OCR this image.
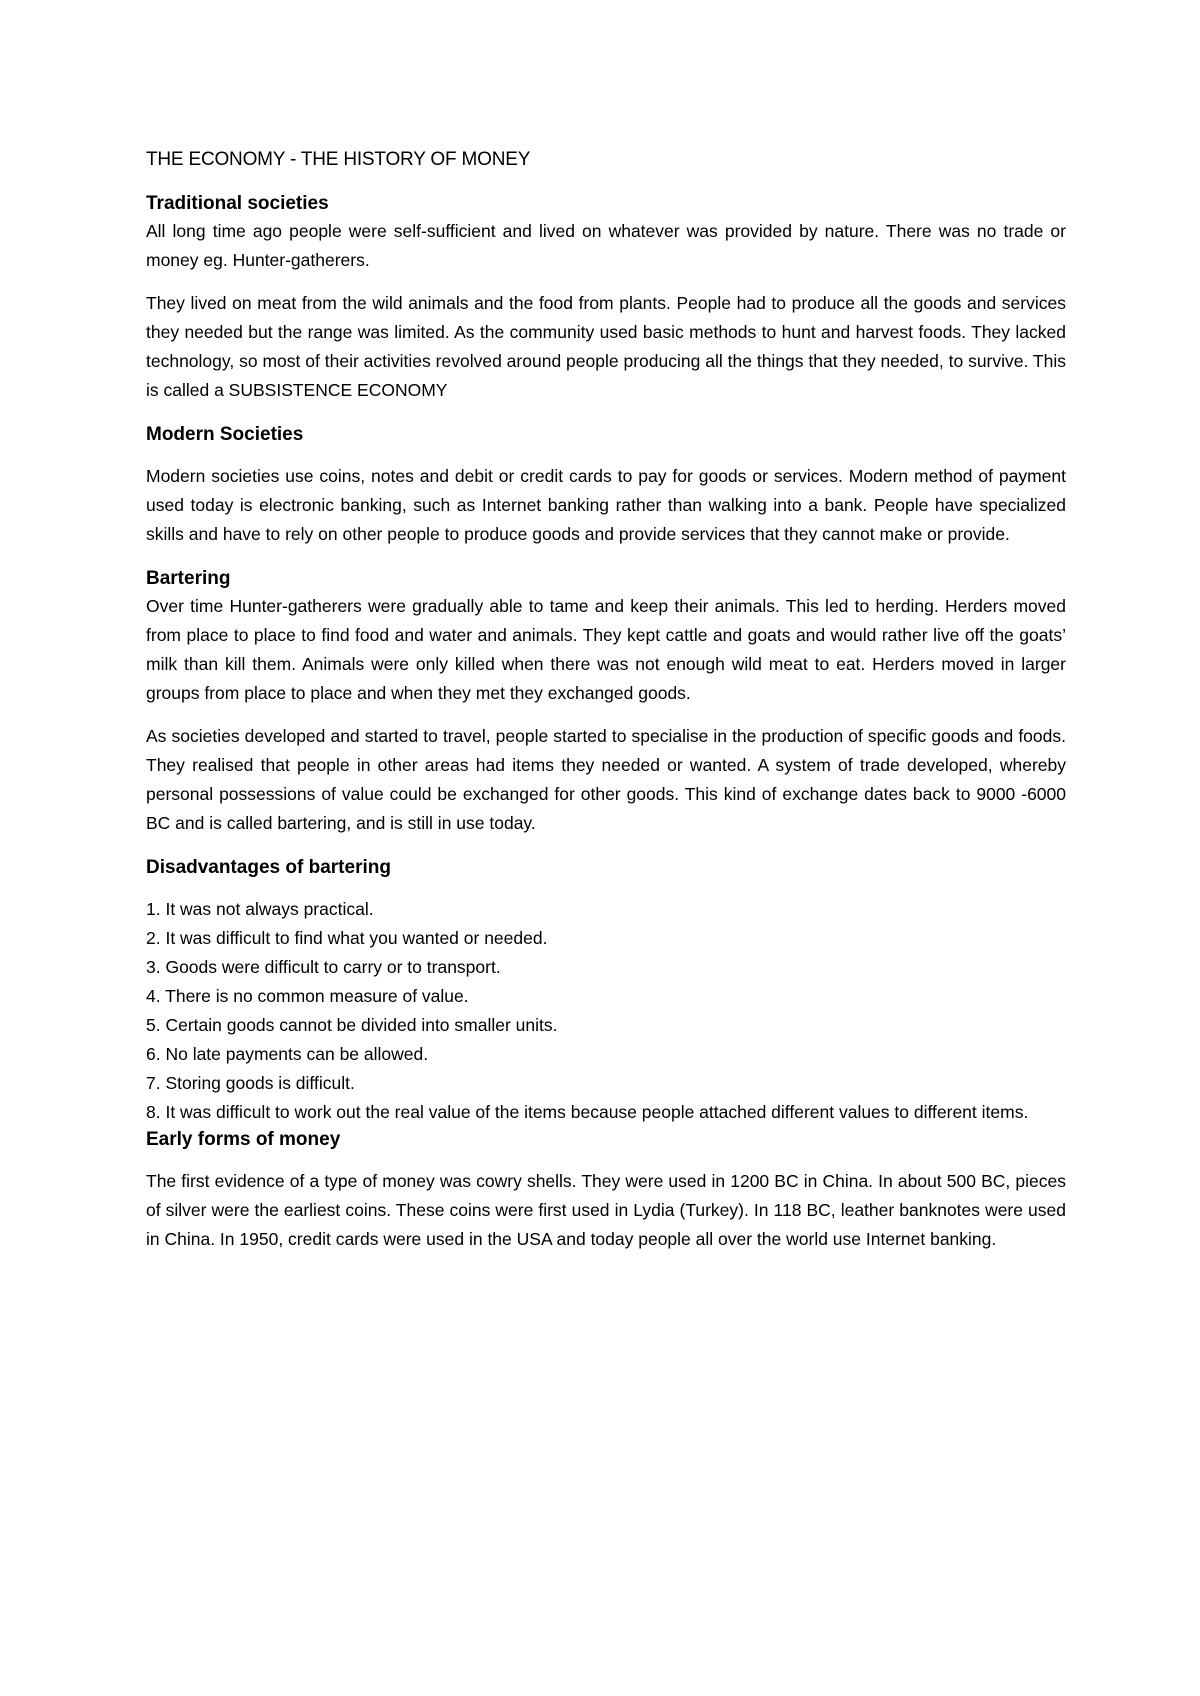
THE ECONOMY - THE HISTORY OF MONEY
Traditional societies

All long time ago people were self-sufficient and lived on whatever was provided by nature. There was no trade or money eg. Hunter-gatherers.

They lived on meat from the wild animals and the food from plants. People had to produce all the goods and services they needed but the range was limited. As the community used basic methods to hunt and harvest foods. They lacked technology, so most of their activities revolved around people producing all the things that they needed, to survive. This is called a SUBSISTENCE ECONOMY

Modern Societies

Modern societies use coins, notes and debit or credit cards to pay for goods or services. Modern method of payment used today is electronic banking, such as Internet banking rather than walking into a bank. People have specialized skills and have to rely on other people to produce goods and provide services that they cannot make or provide.

Bartering

Over time Hunter-gatherers were gradually able to tame and keep their animals. This led to herding. Herders moved from place to place to find food and water and animals. They kept cattle and goats and would rather live off the goats’ milk than kill them. Animals were only killed when there was not enough wild meat to eat. Herders moved in larger groups from place to place and when they met they exchanged goods.

As societies developed and started to travel, people started to specialise in the production of specific goods and foods. They realised that people in other areas had items they needed or wanted. A system of trade developed, whereby personal possessions of value could be exchanged for other goods. This kind of exchange dates back to 9000 -6000 BC and is called bartering, and is still in use today.

Disadvantages of bartering
1. It was not always practical.
2. It was difficult to find what you wanted or needed.
3. Goods were difficult to carry or to transport.
4. There is no common measure of value.
5. Certain goods cannot be divided into smaller units.
6. No late payments can be allowed.
7. Storing goods is difficult.
8. It was difficult to work out the real value of the items because people attached different values to different items.
Early forms of money

The first evidence of a type of money was cowry shells. They were used in 1200 BC in China. In about 500 BC, pieces of silver were the earliest coins. These coins were first used in Lydia (Turkey). In 118 BC, leather banknotes were used in China. In 1950, credit cards were used in the USA and today people all over the world use Internet banking.
